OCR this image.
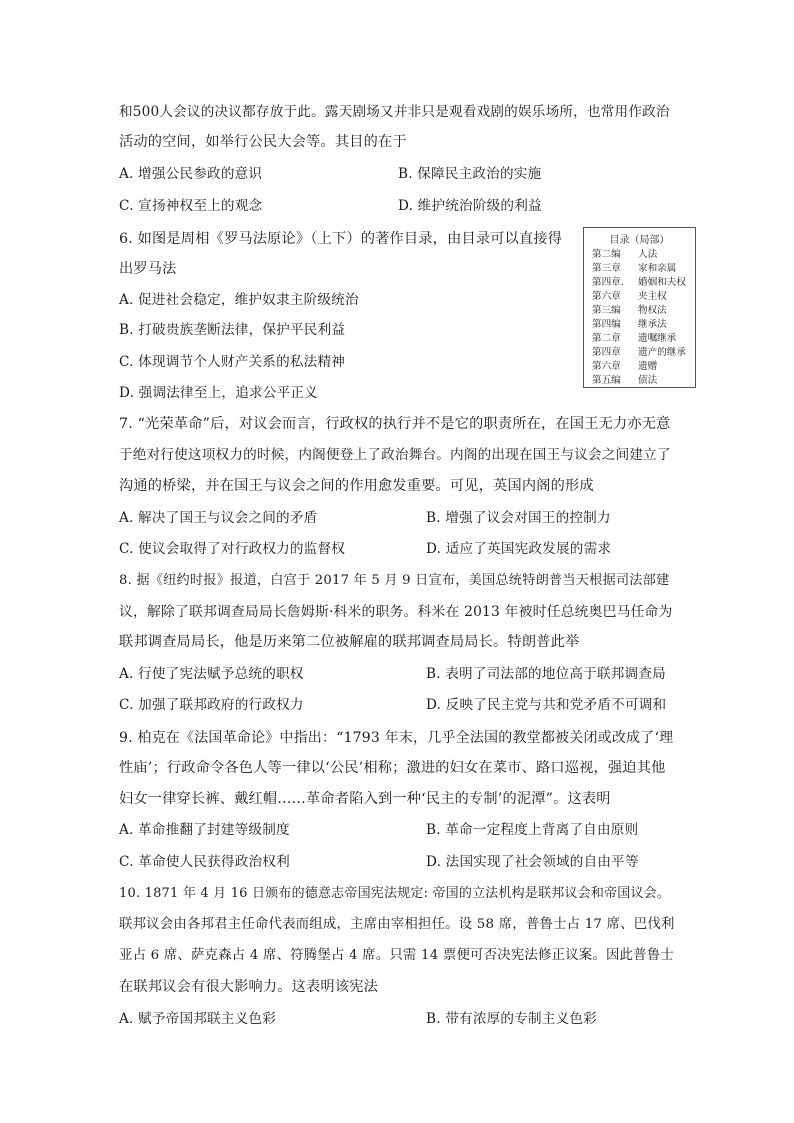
和500人会议的决议都存放于此。露天剧场又并非只是观看戏剧的娱乐场所，也常用作政治
活动的空间，如举行公民大会等。其目的在于
A. 增强公民参政的意识	B. 保障民主政治的实施
C. 宣扬神权至上的观念	D. 维护统治阶级的利益
6. 如图是周相《罗马法原论》（上下）的著作目录，由目录可以直接得
出罗马法
A. 促进社会稳定，维护奴隶主阶级统治
B. 打破贵族垄断法律，保护平民利益
C. 体现调节个人财产关系的私法精神
D. 强调法律至上，追求公平正义
目录（局部）
第二编 人法
第三章 家和亲属
第四章． 婚姻和夫权
第六章 夹主权
第三编 物权法
第四编 继承法
第二章 遗嘱继承
第四章 遗产的继承
第六章 遗赠
第五编 债法
7. “光荣革命”后，对议会而言，行政权的执行并不是它的职责所在，在国王无力亦无意
于绝对行使这项权力的时候，内阁便登上了政治舞台。内阁的出现在国王与议会之间建立了
沟通的桥梁，并在国王与议会之间的作用愈发重要。可见，英国内阁的形成
A. 解决了国王与议会之间的矛盾	B. 增强了议会对国王的控制力
C. 使议会取得了对行政权力的监督权	D. 适应了英国宪政发展的需求
8. 据《纽约时报》报道，白宫于 2017 年 5 月 9 日宣布，美国总统特朗普当天根据司法部建
议，解除了联邦调查局局长詹姆斯·科米的职务。科米在 2013 年被时任总统奥巴马任命为
联邦调查局局长，他是历来第二位被解雇的联邦调查局局长。特朗普此举
A. 行使了宪法赋予总统的职权	B. 表明了司法部的地位高于联邦调查局
C. 加强了联邦政府的行政权力	D. 反映了民主党与共和党矛盾不可调和
9. 柏克在《法国革命论》中指出：“1793 年末，几乎全法国的教堂都被关闭或改成了‘理
性庙’；行政命令各色人等一律以‘公民’相称；激进的妇女在菜市、路口巡视，强迫其他
妇女一律穿长裤、戴红帽……革命者陷入到一种‘民主的专制’的泥潭”。这表明
A. 革命推翻了封建等级制度	B. 革命一定程度上背离了自由原则
C. 革命使人民获得政治权利	D. 法国实现了社会领域的自由平等
10. 1871 年 4 月 16 日颁布的德意志帝国宪法规定: 帝国的立法机构是联邦议会和帝国议会。
联邦议会由各邦君主任命代表而组成，主席由宰相担任。设 58 席，普鲁士占 17 席、巴伐利
亚占 6 席、萨克森占 4 席、符腾堡占 4 席。只需 14 票便可否决宪法修正议案。因此普鲁士
在联邦议会有很大影响力。这表明该宪法
A. 赋予帝国邦联主义色彩	B. 带有浓厚的专制主义色彩
